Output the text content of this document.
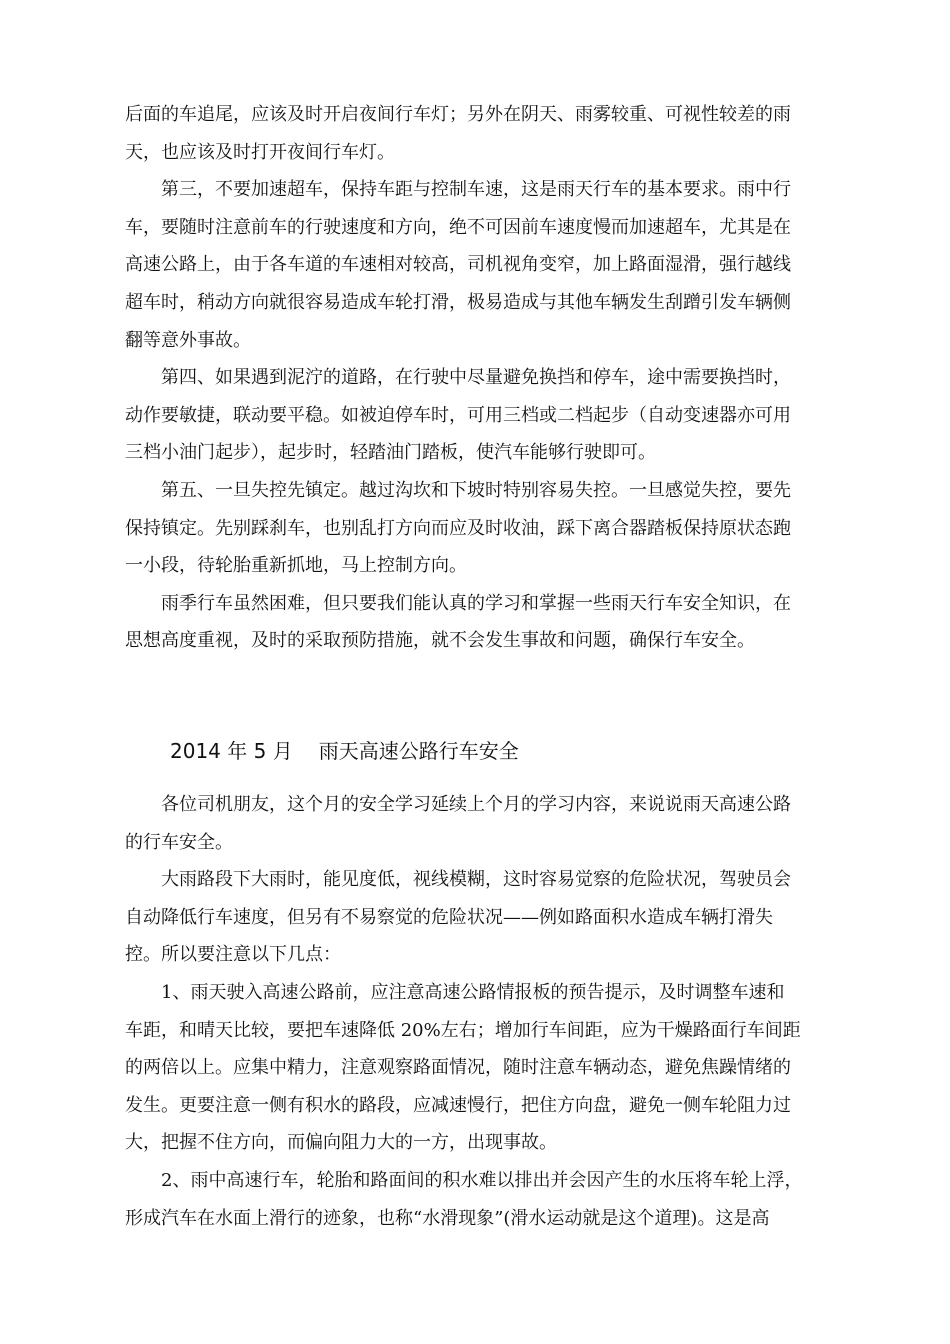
后面的车追尾，应该及时开启夜间行车灯；另外在阴天、雨雾较重、可视性较差的雨
天，也应该及时打开夜间行车灯。
第三，不要加速超车，保持车距与控制车速，这是雨天行车的基本要求。雨中行
车，要随时注意前车的行驶速度和方向，绝不可因前车速度慢而加速超车，尤其是在
高速公路上，由于各车道的车速相对较高，司机视角变窄，加上路面湿滑，强行越线
超车时，稍动方向就很容易造成车轮打滑，极易造成与其他车辆发生刮蹭引发车辆侧
翻等意外事故。
第四、如果遇到泥泞的道路，在行驶中尽量避免换挡和停车，途中需要换挡时，
动作要敏捷，联动要平稳。如被迫停车时，可用三档或二档起步（自动变速器亦可用
三档小油门起步），起步时，轻踏油门踏板，使汽车能够行驶即可。
第五、一旦失控先镇定。越过沟坎和下坡时特别容易失控。一旦感觉失控，要先
保持镇定。先别踩刹车，也别乱打方向而应及时收油，踩下离合器踏板保持原状态跑
一小段，待轮胎重新抓地，马上控制方向。
雨季行车虽然困难，但只要我们能认真的学习和掌握一些雨天行车安全知识，在
思想高度重视，及时的采取预防措施，就不会发生事故和问题，确保行车安全。
2014 年 5 月 雨天高速公路行车安全
各位司机朋友，这个月的安全学习延续上个月的学习内容，来说说雨天高速公路
的行车安全。
大雨路段下大雨时，能见度低，视线模糊，这时容易觉察的危险状况，驾驶员会
自动降低行车速度，但另有不易察觉的危险状况——例如路面积水造成车辆打滑失
控。所以要注意以下几点：
1、雨天驶入高速公路前，应注意高速公路情报板的预告提示，及时调整车速和
车距，和晴天比较，要把车速降低 20%左右；增加行车间距，应为干燥路面行车间距
的两倍以上。应集中精力，注意观察路面情况，随时注意车辆动态，避免焦躁情绪的
发生。更要注意一侧有积水的路段，应减速慢行，把住方向盘，避免一侧车轮阻力过
大，把握不住方向，而偏向阻力大的一方，出现事故。
2、雨中高速行车，轮胎和路面间的积水难以排出并会因产生的水压将车轮上浮，
形成汽车在水面上滑行的迹象，也称“水滑现象”(滑水运动就是这个道理)。这是高
